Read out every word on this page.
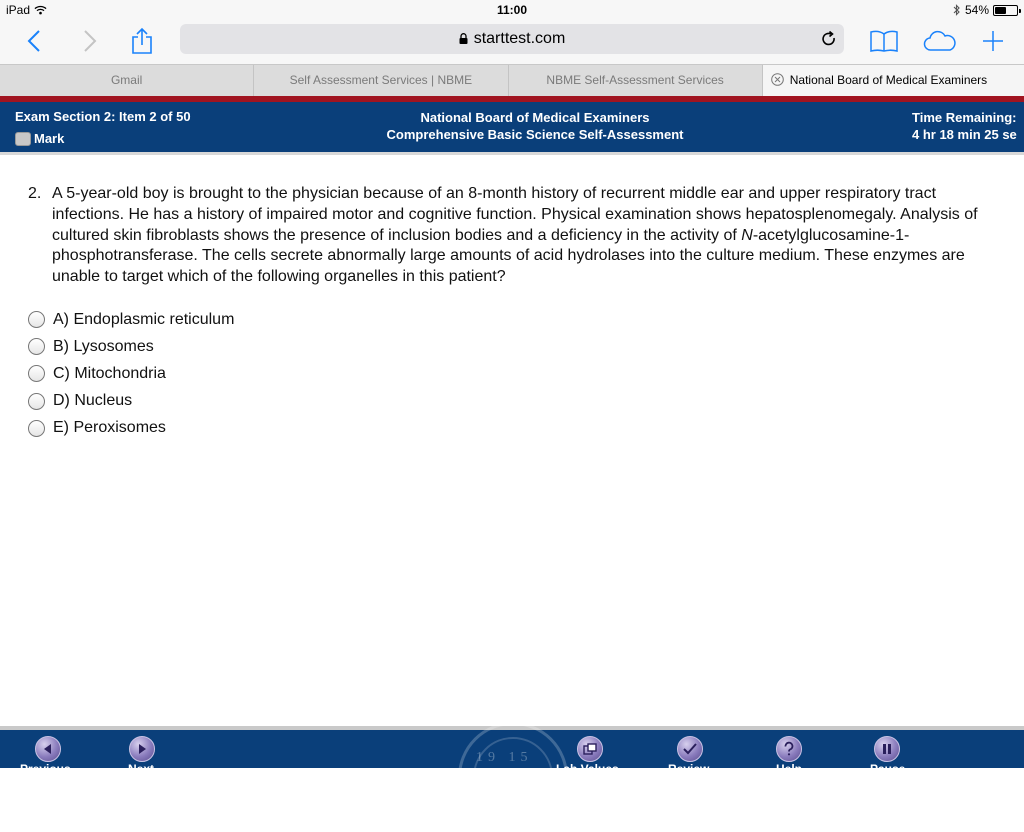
iPad	11:00	54%
starttest.com
Gmail	Self Assessment Services | NBME	NBME Self-Assessment Services	National Board of Medical Examiners
Exam Section 2: Item 2 of 50
Mark
National Board of Medical Examiners
Comprehensive Basic Science Self-Assessment
Time Remaining:
4 hr 18 min 25 se
2. A 5-year-old boy is brought to the physician because of an 8-month history of recurrent middle ear and upper respiratory tract infections. He has a history of impaired motor and cognitive function. Physical examination shows hepatosplenomegaly. Analysis of cultured skin fibroblasts shows the presence of inclusion bodies and a deficiency in the activity of N-acetylglucosamine-1-phosphotransferase. The cells secrete abnormally large amounts of acid hydrolases into the culture medium. These enzymes are unable to target which of the following organelles in this patient?
A) Endoplasmic reticulum
B) Lysosomes
C) Mitochondria
D) Nucleus
E) Peroxisomes
19 15
Previous	Next	Lab Values	Review	Help	Pause
